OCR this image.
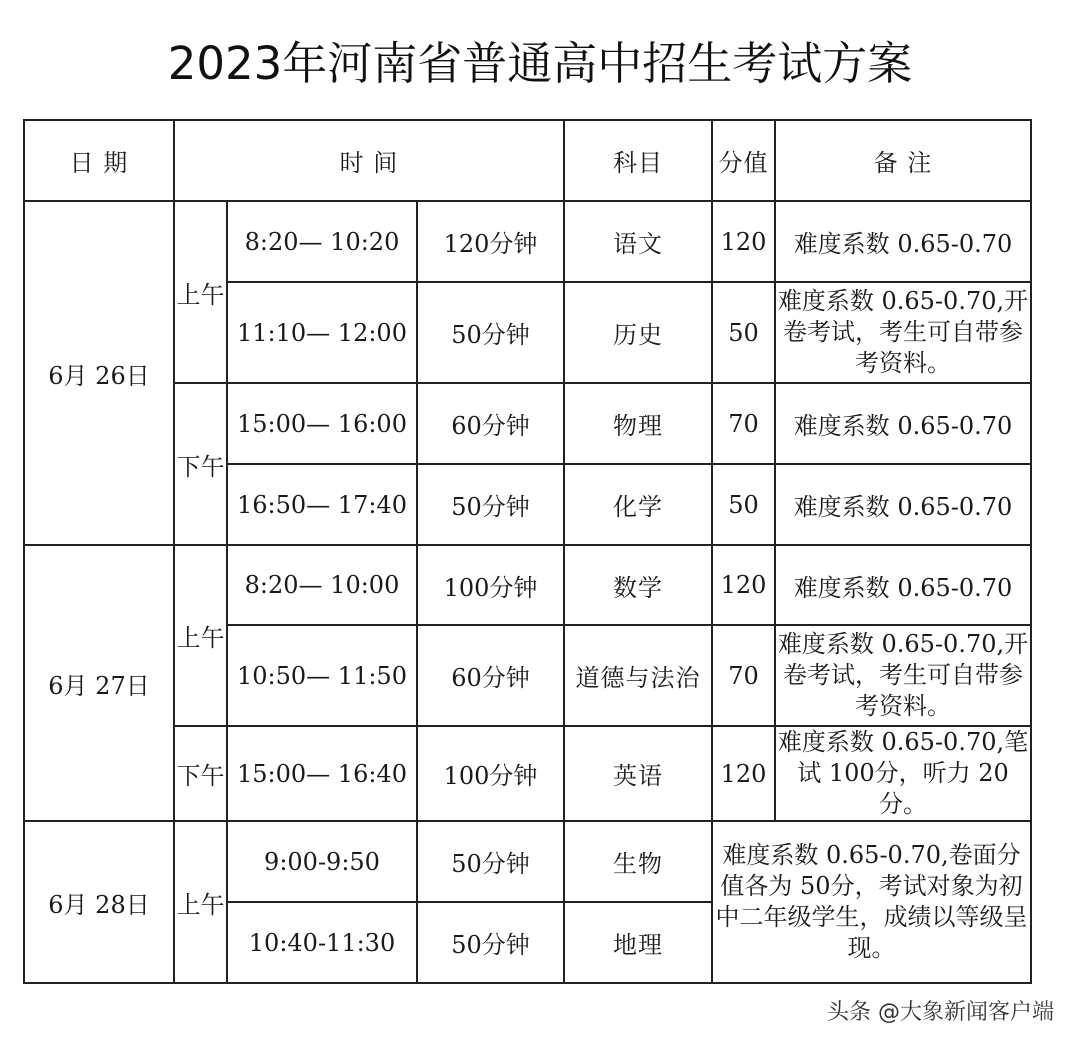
2023年河南省普通高中招生考试方案
日 期	时 间			科目	分值	备 注
6月 26日	上午	8:20— 10:20	120分钟	语文	120	难度系数 0.65-0.70
		11:10— 12:00	50分钟	历史	50	难度系数 0.65-0.70,开卷考试，考生可自带参考资料。
	下午	15:00— 16:00	60分钟	物理	70	难度系数 0.65-0.70
		16:50— 17:40	50分钟	化学	50	难度系数 0.65-0.70
6月 27日	上午	8:20— 10:00	100分钟	数学	120	难度系数 0.65-0.70
		10:50— 11:50	60分钟	道德与法治	70	难度系数 0.65-0.70,开卷考试，考生可自带参考资料。
	下午	15:00— 16:40	100分钟	英语	120	难度系数 0.65-0.70,笔试 100分，听力 20分。
6月 28日	上午	9:00-9:50	50分钟	生物	难度系数 0.65-0.70,卷面分值各为 50分，考试对象为初中二年级学生，成绩以等级呈现。	
		10:40-11:30	50分钟	地理		
头条 @大象新闻客户端
